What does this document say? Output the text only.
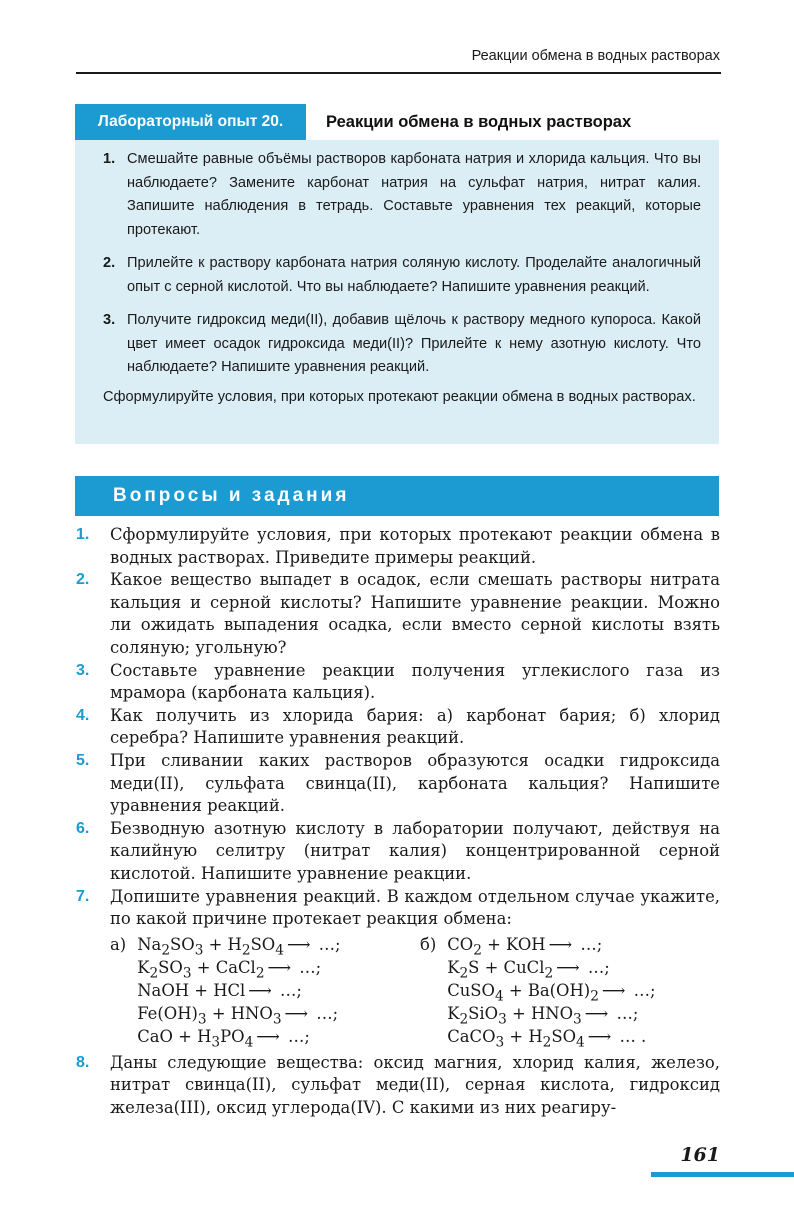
Реакции обмена в водных растворах
Лабораторный опыт 20.	Реакции обмена в водных растворах
1. Смешайте равные объёмы растворов карбоната натрия и хлорида кальция. Что вы наблюдаете? Замените карбонат натрия на сульфат натрия, нитрат калия. Запишите наблюдения в тетрадь. Составьте уравнения тех реакций, которые протекают.
2. Прилейте к раствору карбоната натрия соляную кислоту. Проделайте аналогичный опыт с серной кислотой. Что вы наблюдаете? Напишите уравнения реакций.
3. Получите гидроксид меди(II), добавив щёлочь к раствору медного купороса. Какой цвет имеет осадок гидроксида меди(II)? Прилейте к нему азотную кислоту. Что наблюдаете? Напишите уравнения реакций.
Сформулируйте условия, при которых протекают реакции обмена в водных растворах.
Вопросы и задания
1. Сформулируйте условия, при которых протекают реакции обмена в водных растворах. Приведите примеры реакций.
2. Какое вещество выпадет в осадок, если смешать растворы нитрата кальция и серной кислоты? Напишите уравнение реакции. Можно ли ожидать выпадения осадка, если вместо серной кислоты взять соляную; угольную?
3. Составьте уравнение реакции получения углекислого газа из мрамора (карбоната кальция).
4. Как получить из хлорида бария: а) карбонат бария; б) хлорид серебра? Напишите уравнения реакций.
5. При сливании каких растворов образуются осадки гидроксида меди(II), сульфата свинца(II), карбоната кальция? Напишите уравнения реакций.
6. Безводную азотную кислоту в лаборатории получают, действуя на калийную селитру (нитрат калия) концентрированной серной кислотой. Напишите уравнение реакции.
7. Допишите уравнения реакций. В каждом отдельном случае укажите, по какой причине протекает реакция обмена:
а) $Na_2SO_3 + H_2SO_4$ ⟶ …;
$K_2SO_3$ + CaCl$_2$ ⟶ …;
NaOH + HCl ⟶ …;
$Fe(OH)_3 + HNO_3$ ⟶ …;
CaO + $H_3PO_4$ ⟶ …;
б) $CO_2$ + KOH ⟶ …;
$K_2S$ + CuCl$_2$ ⟶ …;
CuSO$_4$ + $Ba(OH)_2$ ⟶ …;
$K_2SiO_3 + HNO_3$ ⟶ …;
CaCO$_3$ + $H_2SO_4$ ⟶ … .
8. Даны следующие вещества: оксид магния, хлорид калия, железо, нитрат свинца(II), сульфат меди(II), серная кислота, гидроксид железа(III), оксид углерода(IV). С какими из них реагиру-
161
